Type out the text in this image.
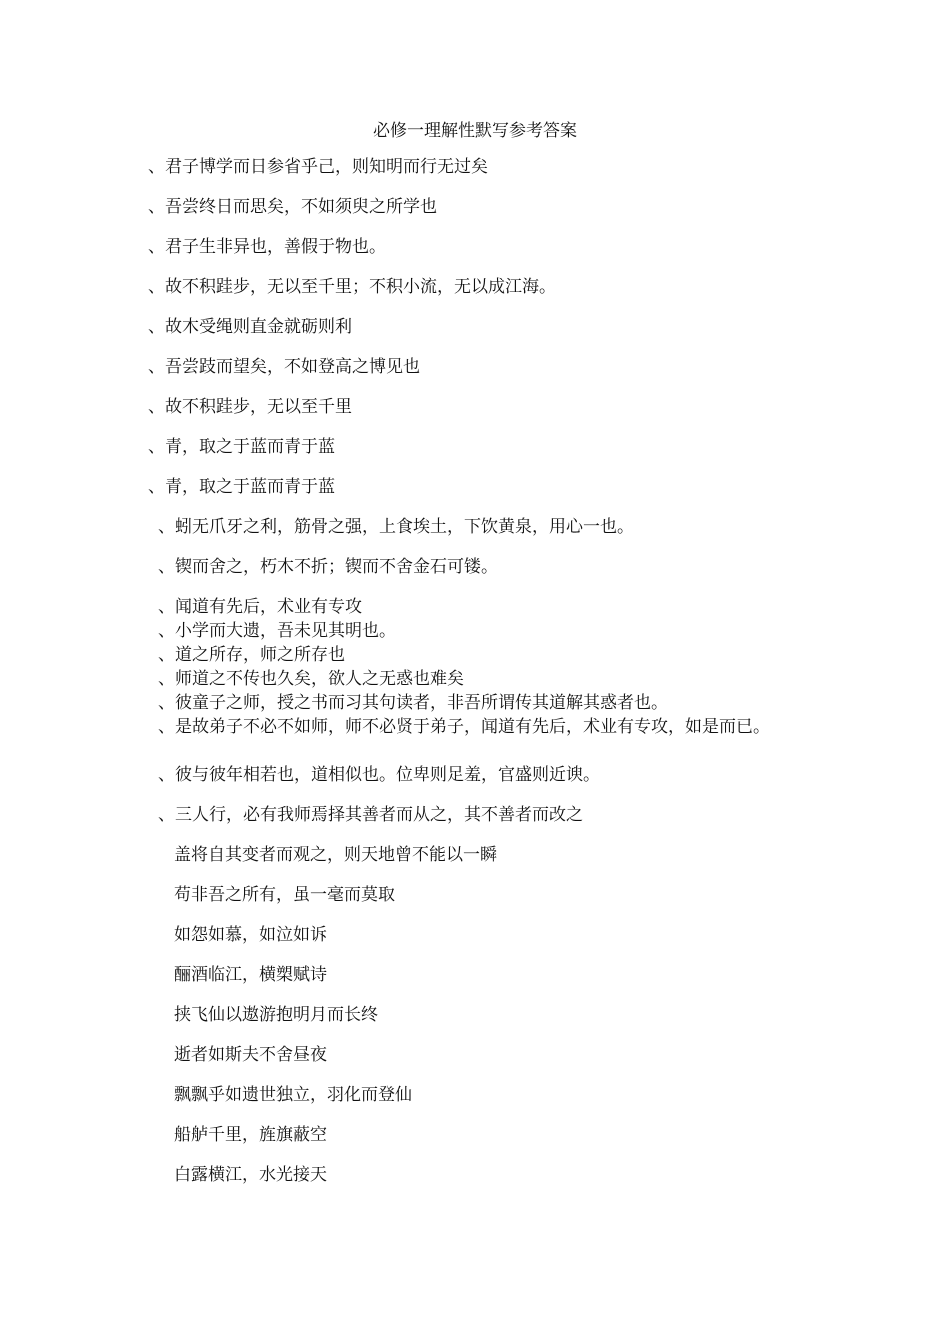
必修一理解性默写参考答案
、君子博学而日参省乎己，则知明而行无过矣
、吾尝终日而思矣，不如须臾之所学也
、君子生非异也，善假于物也。
、故不积跬步，无以至千里；不积小流，无以成江海。
、故木受绳则直金就砺则利
、吾尝跂而望矣，不如登高之博见也
、故不积跬步，无以至千里
、青，取之于蓝而青于蓝
、青，取之于蓝而青于蓝
、蚓无爪牙之利，筋骨之强，上食埃土，下饮黄泉，用心一也。
、锲而舍之，朽木不折；锲而不舍金石可镂。
、闻道有先后，术业有专攻
、小学而大遗，吾未见其明也。
、道之所存，师之所存也
、师道之不传也久矣，欲人之无惑也难矣
、彼童子之师，授之书而习其句读者，非吾所谓传其道解其惑者也。
、是故弟子不必不如师，师不必贤于弟子，闻道有先后，术业有专攻，如是而已。
、彼与彼年相若也，道相似也。位卑则足羞，官盛则近谀。
、三人行，必有我师焉择其善者而从之，其不善者而改之
盖将自其变者而观之，则天地曾不能以一瞬
苟非吾之所有，虽一毫而莫取
如怨如慕，如泣如诉
酾酒临江，横槊赋诗
挟飞仙以遨游抱明月而长终
逝者如斯夫不舍昼夜
飘飘乎如遗世独立，羽化而登仙
船舻千里，旌旗蔽空
白露横江，水光接天
